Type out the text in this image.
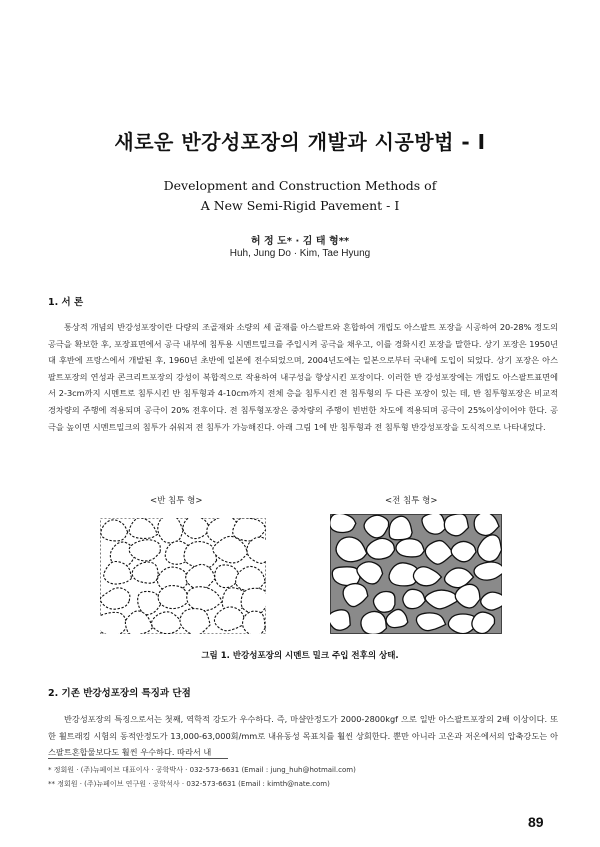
새로운 반강성포장의 개발과 시공방법 - I
Development and Construction Methods of
A New Semi-Rigid Pavement - I
허 정 도* · 김 태 형**
Huh, Jung Do · Kim, Tae Hyung
1. 서 론

통상적 개념의 반강성포장이란 다량의 조골재와 소량의 세 골재를 아스팔트와 혼합하여 개립도 아스팔트 포장을 시공하여 20-28% 정도의 공극을 확보한 후, 포장표면에서 공극 내부에 침투용 시멘트밀크를 주입시켜 공극을 채우고, 이를 경화시킨 포장을 말한다. 상기 포장은 1950년대 후반에 프랑스에서 개발된 후, 1960년 초반에 일본에 전수되었으며, 2004년도에는 일본으로부터 국내에 도입이 되었다. 상기 포장은 아스팔트포장의 연성과 콘크리트포장의 강성이 복합적으로 작용하여 내구성을 향상시킨 포장이다. 이러한 반 강성포장에는 개립도 아스팔트표면에서 2-3cm까지 시멘트로 침투시킨 반 침투형과 4-10cm까지 전체 층을 침투시킨 전 침투형의 두 다른 포장이 있는 데, 반 침투형포장은 비교적 경차량의 주행에 적용되며 공극이 20% 전후이다. 전 침투형포장은 중차량의 주행이 빈번한 차도에 적용되며 공극이 25%이상이어야 한다. 공극을 높이면 시멘트밀크의 침투가 쉬워져 전 침투가 가능해진다. 아래 그림 1에 반 침투형과 전 침투형 반강성포장을 도식적으로 나타내었다.

<반 침투 형>	<전 침투 형>
그림 1. 반강성포장의 시멘트 밀크 주입 전후의 상태.
2. 기존 반강성포장의 특징과 단점

반강성포장의 특징으로서는 첫째, 역학적 강도가 우수하다. 즉, 마샬안정도가 2000-2800kgf 으로 일반 아스팔트포장의 2배 이상이다. 또한 휠트래킹 시험의 동적안정도가 13,000-63,000회/mm로 내유동성 목표치를 훨씬 상회한다. 뿐만 아니라 고온과 저온에서의 압축강도는 아스팔트혼합물보다도 훨씬 우수하다. 따라서 내

* 정회원 · (주)뉴페이브 대표이사 · 공학박사 · 032-573-6631 (Email : jung_huh@hotmail.com)
** 정회원 · (주)뉴페이브 연구원 · 공학석사 · 032-573-6631 (Email : kimth@nate.com)
89
